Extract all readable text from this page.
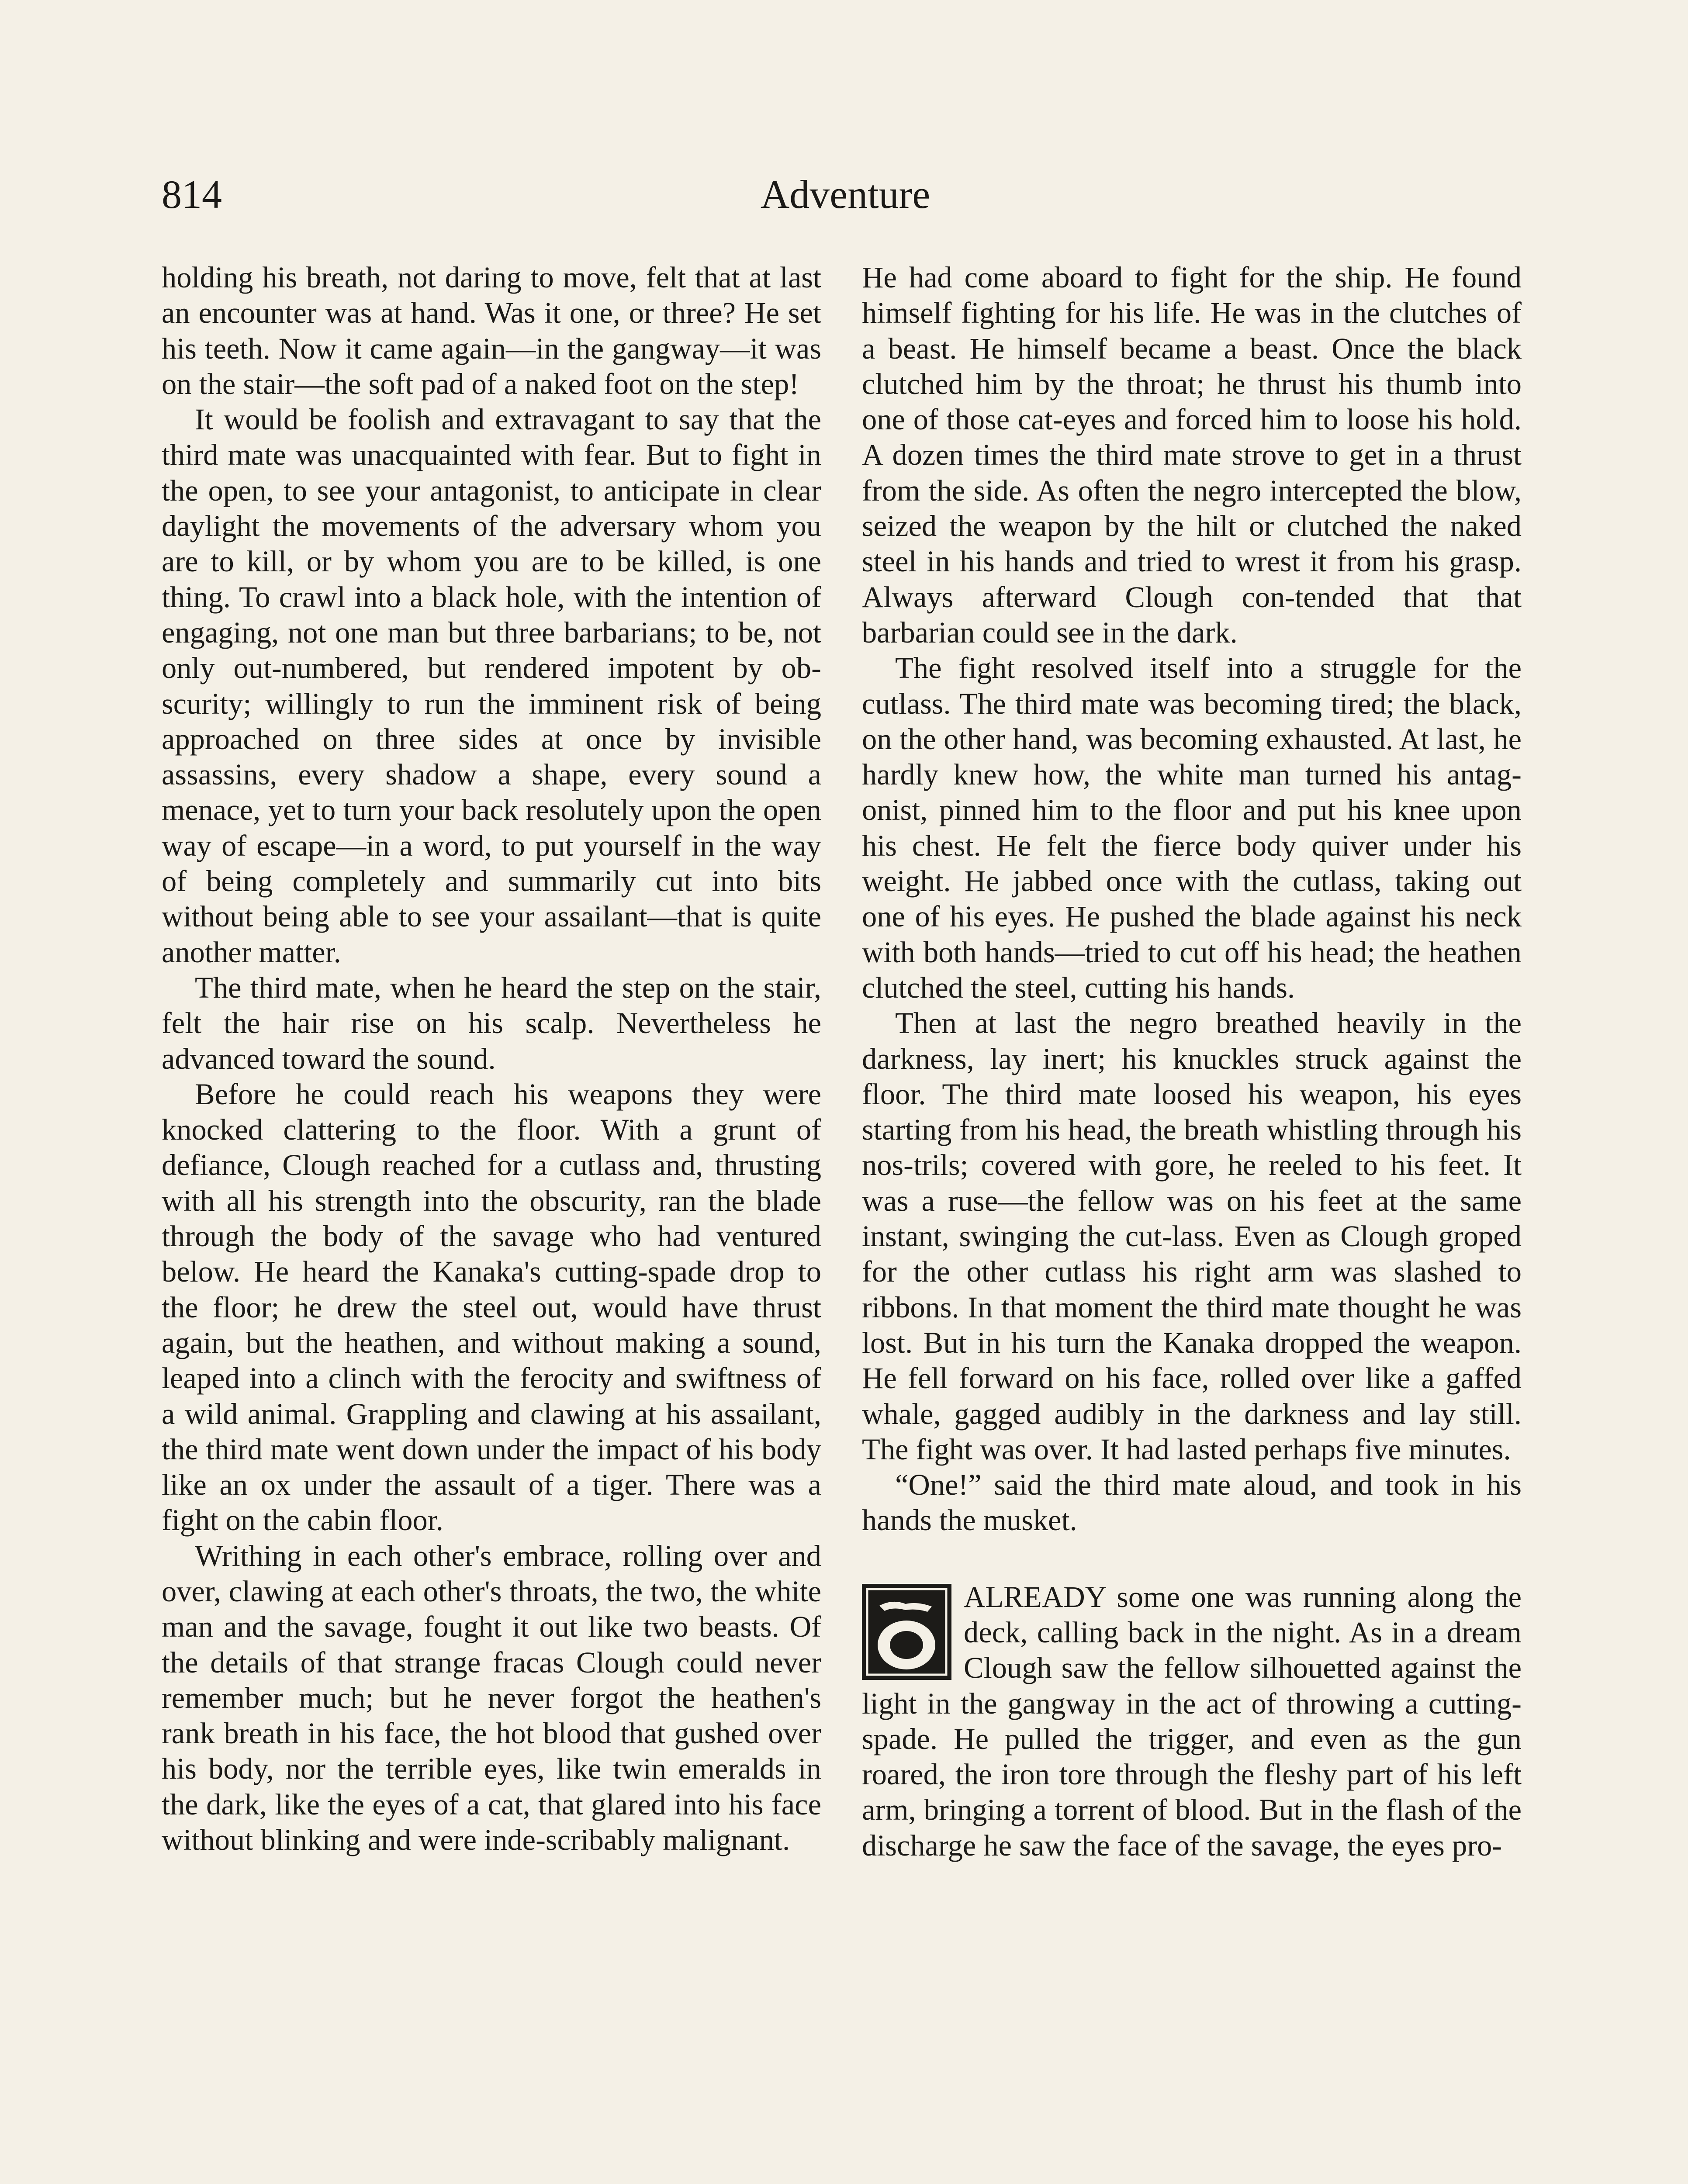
814	Adventure

holding his breath, not daring to move, felt that at last an encounter was at hand. Was it one, or three? He set his teeth. Now it came again—in the gangway—it was on the stair—the soft pad of a naked foot on the step!

It would be foolish and extravagant to say that the third mate was unacquainted with fear. But to fight in the open, to see your antagonist, to anticipate in clear daylight the movements of the adversary whom you are to kill, or by whom you are to be killed, is one thing. To crawl into a black hole, with the intention of engaging, not one man but three barbarians; to be, not only out-numbered, but rendered impotent by ob-scurity; willingly to run the imminent risk of being approached on three sides at once by invisible assassins, every shadow a shape, every sound a menace, yet to turn your back resolutely upon the open way of escape—in a word, to put yourself in the way of being completely and summarily cut into bits without being able to see your assailant—that is quite another matter.

The third mate, when he heard the step on the stair, felt the hair rise on his scalp. Nevertheless he advanced toward the sound.

Before he could reach his weapons they were knocked clattering to the floor. With a grunt of defiance, Clough reached for a cutlass and, thrusting with all his strength into the obscurity, ran the blade through the body of the savage who had ventured below. He heard the Kanaka's cutting-spade drop to the floor; he drew the steel out, would have thrust again, but the heathen, and without making a sound, leaped into a clinch with the ferocity and swiftness of a wild animal. Grappling and clawing at his assailant, the third mate went down under the impact of his body like an ox under the assault of a tiger. There was a fight on the cabin floor.

Writhing in each other's embrace, rolling over and over, clawing at each other's throats, the two, the white man and the savage, fought it out like two beasts. Of the details of that strange fracas Clough could never remember much; but he never forgot the heathen's rank breath in his face, the hot blood that gushed over his body, nor the terrible eyes, like twin emeralds in the dark, like the eyes of a cat, that glared into his face without blinking and were inde-scribably malignant.

He had come aboard to fight for the ship. He found himself fighting for his life. He was in the clutches of a beast. He himself became a beast. Once the black clutched him by the throat; he thrust his thumb into one of those cat-eyes and forced him to loose his hold. A dozen times the third mate strove to get in a thrust from the side. As often the negro intercepted the blow, seized the weapon by the hilt or clutched the naked steel in his hands and tried to wrest it from his grasp. Always afterward Clough con-tended that that barbarian could see in the dark.

The fight resolved itself into a struggle for the cutlass. The third mate was becoming tired; the black, on the other hand, was becoming exhausted. At last, he hardly knew how, the white man turned his antag-onist, pinned him to the floor and put his knee upon his chest. He felt the fierce body quiver under his weight. He jabbed once with the cutlass, taking out one of his eyes. He pushed the blade against his neck with both hands—tried to cut off his head; the heathen clutched the steel, cutting his hands.

Then at last the negro breathed heavily in the darkness, lay inert; his knuckles struck against the floor. The third mate loosed his weapon, his eyes starting from his head, the breath whistling through his nos-trils; covered with gore, he reeled to his feet. It was a ruse—the fellow was on his feet at the same instant, swinging the cut-lass. Even as Clough groped for the other cutlass his right arm was slashed to ribbons. In that moment the third mate thought he was lost. But in his turn the Kanaka dropped the weapon. He fell forward on his face, rolled over like a gaffed whale, gagged audibly in the darkness and lay still. The fight was over. It had lasted perhaps five minutes.

“One!” said the third mate aloud, and took in his hands the musket.

ALREADY some one was running along the deck, calling back in the night. As in a dream Clough saw the fellow silhouetted against the light in the gangway in the act of throwing a cutting-spade. He pulled the trigger, and even as the gun roared, the iron tore through the fleshy part of his left arm, bringing a torrent of blood. But in the flash of the discharge he saw the face of the savage, the eyes pro-
